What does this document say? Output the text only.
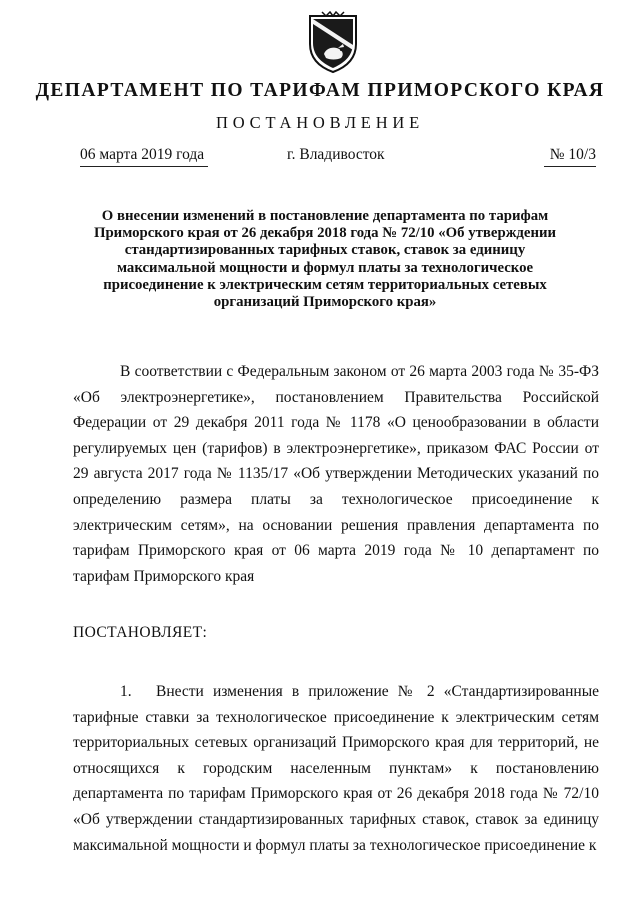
ДЕПАРТАМЕНТ ПО ТАРИФАМ ПРИМОРСКОГО КРАЯ
ПОСТАНОВЛЕНИЕ
06 марта 2019 года	г. Владивосток	№ 10/3
О внесении изменений в постановление департамента по тарифам Приморского края от 26 декабря 2018 года № 72/10 «Об утверждении стандартизированных тарифных ставок, ставок за единицу максимальной мощности и формул платы за технологическое присоединение к электрическим сетям территориальных сетевых организаций Приморского края»

В соответствии с Федеральным законом от 26 марта 2003 года № 35-ФЗ «Об электроэнергетике», постановлением Правительства Российской Федерации от 29 декабря 2011 года № 1178 «О ценообразовании в области регулируемых цен (тарифов) в электроэнергетике», приказом ФАС России от 29 августа 2017 года № 1135/17 «Об утверждении Методических указаний по определению размера платы за технологическое присоединение к электрическим сетям», на основании решения правления департамента по тарифам Приморского края от 06 марта 2019 года № 10 департамент по тарифам Приморского края

ПОСТАНОВЛЯЕТ:

1. Внести изменения в приложение № 2 «Стандартизированные тарифные ставки за технологическое присоединение к электрическим сетям территориальных сетевых организаций Приморского края для территорий, не относящихся к городским населенным пунктам» к постановлению департамента по тарифам Приморского края от 26 декабря 2018 года № 72/10 «Об утверждении стандартизированных тарифных ставок, ставок за единицу максимальной мощности и формул платы за технологическое присоединение к
